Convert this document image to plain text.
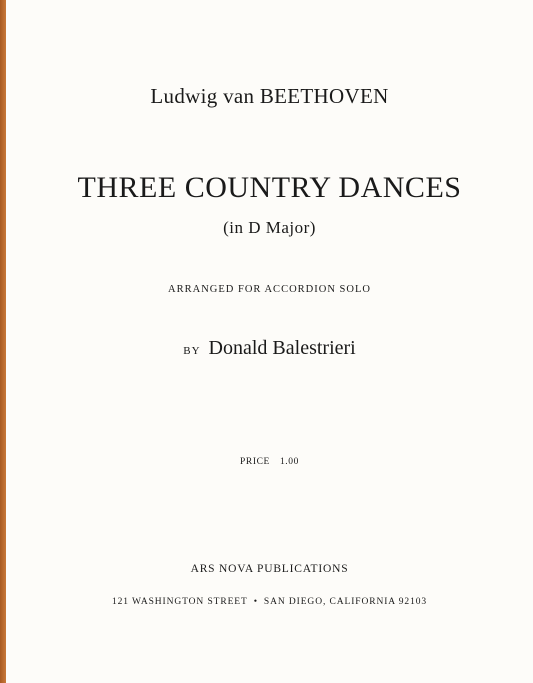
Ludwig van BEETHOVEN
THREE COUNTRY DANCES
(in D Major)
ARRANGED FOR ACCORDION SOLO
BY Donald Balestrieri
PRICE 1.00
ARS NOVA PUBLICATIONS
121 WASHINGTON STREET • SAN DIEGO, CALIFORNIA 92103
